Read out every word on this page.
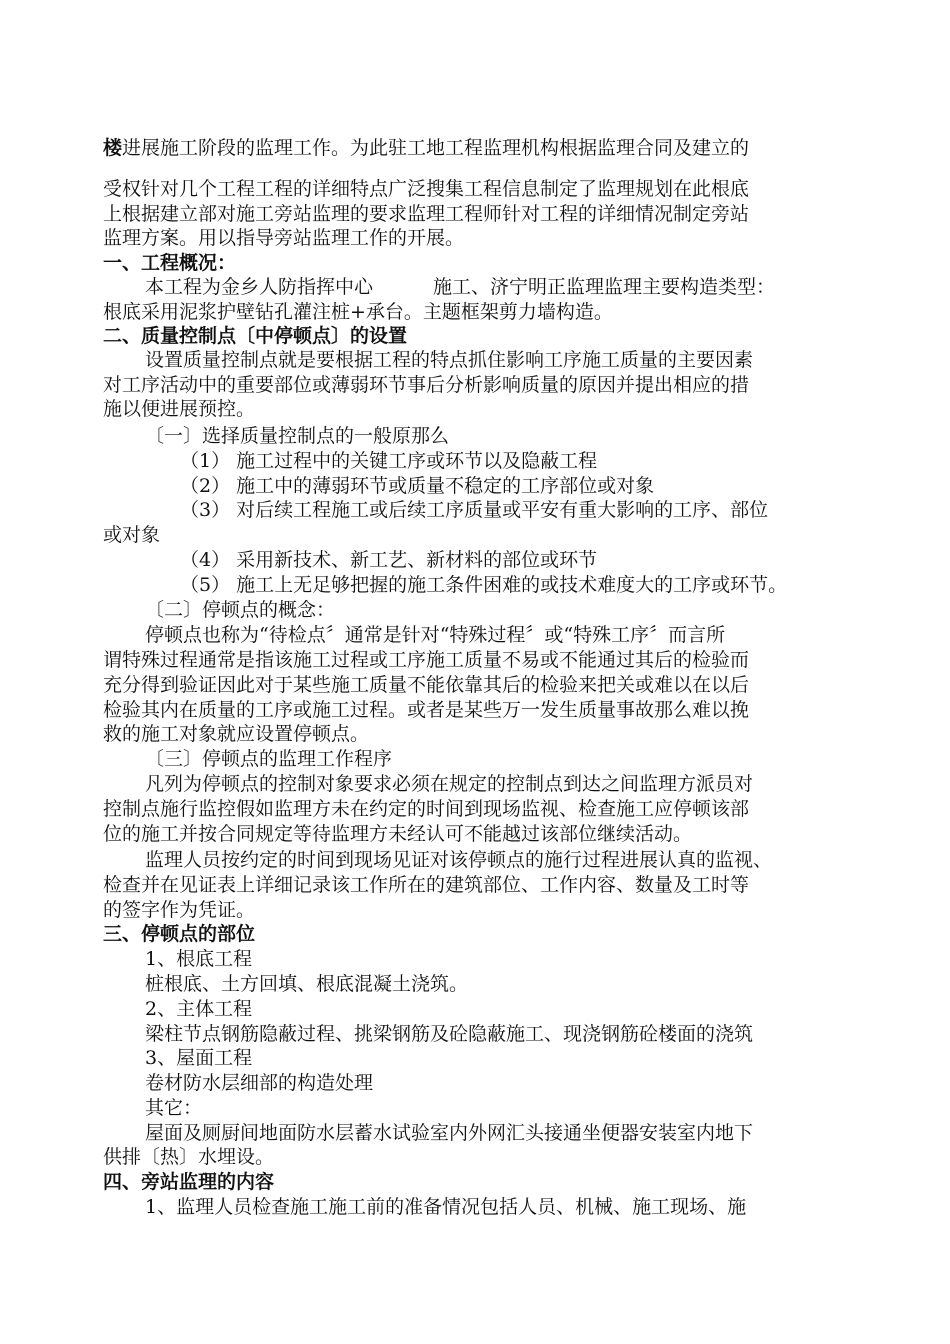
楼进展施工阶段的监理工作。为此驻工地工程监理机构根据监理合同及建立的
受权针对几个工程工程的详细特点广泛搜集工程信息制定了监理规划在此根底
上根据建立部对施工旁站监理的要求监理工程师针对工程的详细情况制定旁站
监理方案。用以指导旁站监理工作的开展。
一、工程概况：
本工程为金乡人防指挥中心	施工、济宁明正监理监理主要构造类型：
根底采用泥浆护壁钻孔灌注桩+承台。主题框架剪力墙构造。
二、质量控制点〔中停顿点〕的设置
设置质量控制点就是要根据工程的特点抓住影响工序施工质量的主要因素
对工序活动中的重要部位或薄弱环节事后分析影响质量的原因并提出相应的措
施以便进展预控。
〔一〕选择质量控制点的一般原那么
（1） 施工过程中的关键工序或环节以及隐蔽工程
（2） 施工中的薄弱环节或质量不稳定的工序部位或对象
（3） 对后续工程施工或后续工序质量或平安有重大影响的工序、部位
或对象
（4） 采用新技术、新工艺、新材料的部位或环节
（5） 施工上无足够把握的施工条件困难的或技术难度大的工序或环节。
〔二〕停顿点的概念：
停顿点也称为“待检点〞通常是针对“特殊过程〞或“特殊工序〞而言所
谓特殊过程通常是指该施工过程或工序施工质量不易或不能通过其后的检验而
充分得到验证因此对于某些施工质量不能依靠其后的检验来把关或难以在以后
检验其内在质量的工序或施工过程。或者是某些万一发生质量事故那么难以挽
救的施工对象就应设置停顿点。
〔三〕停顿点的监理工作程序
凡列为停顿点的控制对象要求必须在规定的控制点到达之间监理方派员对
控制点施行监控假如监理方未在约定的时间到现场监视、检查施工应停顿该部
位的施工并按合同规定等待监理方未经认可不能越过该部位继续活动。
监理人员按约定的时间到现场见证对该停顿点的施行过程进展认真的监视、
检查并在见证表上详细记录该工作所在的建筑部位、工作内容、数量及工时等
的签字作为凭证。
三、停顿点的部位
1、根底工程
桩根底、土方回填、根底混凝土浇筑。
2、主体工程
梁柱节点钢筋隐蔽过程、挑梁钢筋及砼隐蔽施工、现浇钢筋砼楼面的浇筑
3、屋面工程
卷材防水层细部的构造处理
其它：
屋面及厕厨间地面防水层蓄水试验室内外网汇头接通坐便器安装室内地下
供排〔热〕水埋设。
四、旁站监理的内容
1、监理人员检查施工施工前的准备情况包括人员、机械、施工现场、施
